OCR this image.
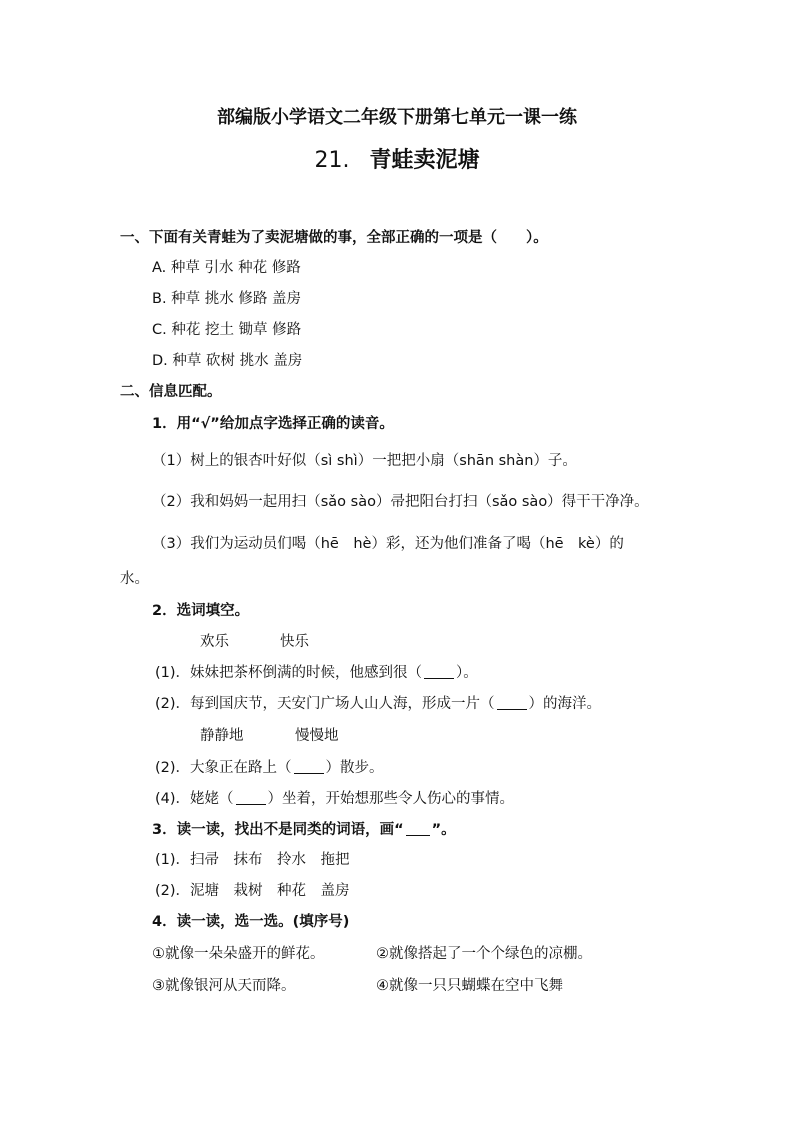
部编版小学语文二年级下册第七单元一课一练
21. 青蛙卖泥塘
一、下面有关青蛙为了卖泥塘做的事，全部正确的一项是（　　）。
A. 种草 引水 种花 修路
B. 种草 挑水 修路 盖房
C. 种花 挖土 锄草 修路
D. 种草 砍树 挑水 盖房
二、信息匹配。
1．用“√”给加点字选择正确的读音。
（1）树上的银杏叶好似（sì shì）一把把小扇（shān shàn）子。
（2）我和妈妈一起用扫（sǎo sào）帚把阳台打扫（sǎo sào）得干干净净。
（3）我们为运动员们喝（hē　hè）彩，还为他们准备了喝（hē　kè）的
水。
2．选词填空。
欢乐	快乐
(1)．妹妹把茶杯倒满的时候，他感到很（ ）。
(2)．每到国庆节，天安门广场人山人海，形成一片（ ）的海洋。
静静地	慢慢地
(2)．大象正在路上（ ）散步。
(4)．姥姥（ ）坐着，开始想那些令人伤心的事情。
3．读一读，找出不是同类的词语，画“ ”。
(1)．扫帚　抹布　拎水　拖把
(2)．泥塘　栽树　种花　盖房
4．读一读，选一选。(填序号)
①就像一朵朵盛开的鲜花。	②就像搭起了一个个绿色的凉棚。
③就像银河从天而降。	④就像一只只蝴蝶在空中飞舞
